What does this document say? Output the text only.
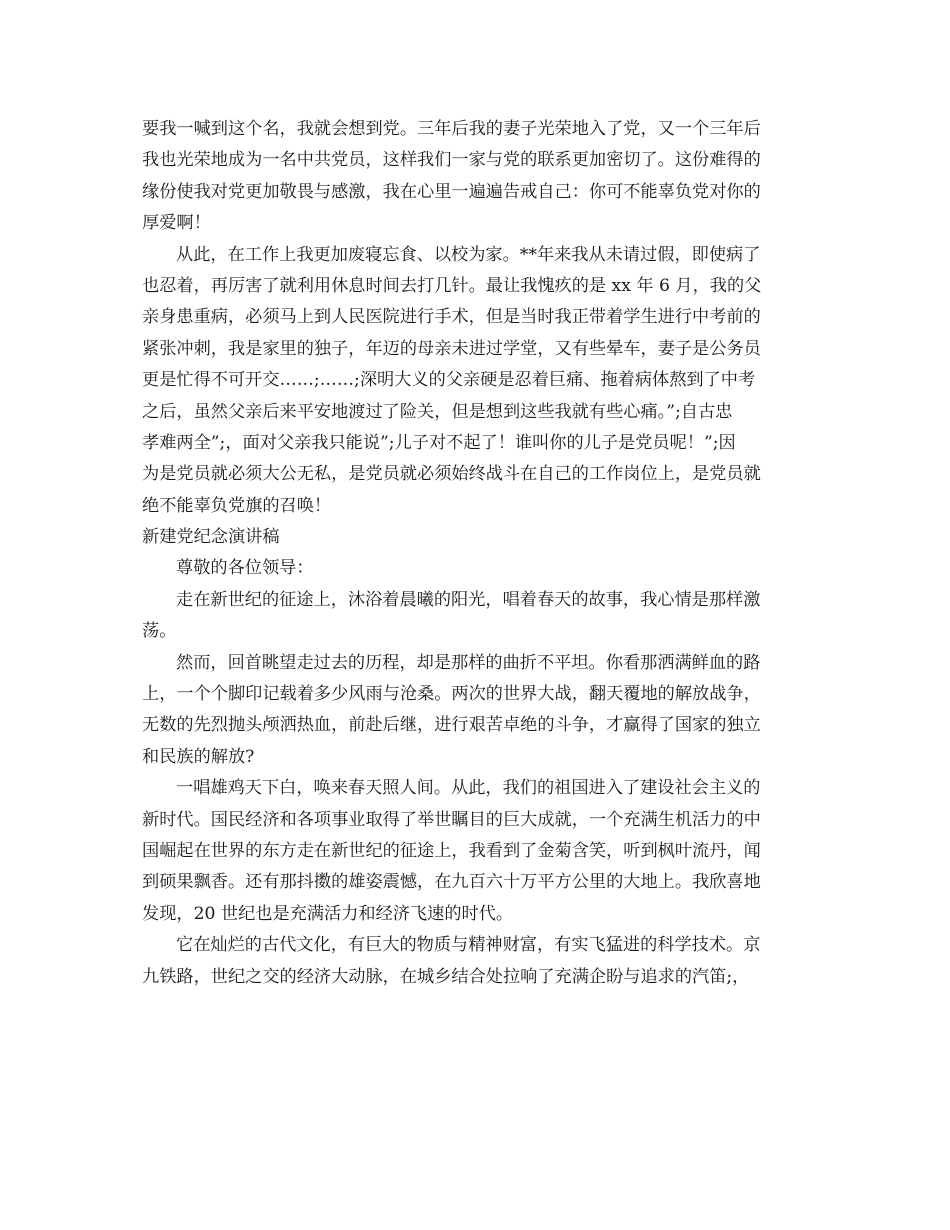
要我一喊到这个名，我就会想到党。三年后我的妻子光荣地入了党，又一个三年后
我也光荣地成为一名中共党员，这样我们一家与党的联系更加密切了。这份难得的
缘份使我对党更加敬畏与感激，我在心里一遍遍告戒自己：你可不能辜负党对你的
厚爱啊！
从此，在工作上我更加废寝忘食、以校为家。**年来我从未请过假，即使病了
也忍着，再厉害了就利用休息时间去打几针。最让我愧疚的是 xx 年 6 月，我的父
亲身患重病，必须马上到人民医院进行手术，但是当时我正带着学生进行中考前的
紧张冲刺，我是家里的独子，年迈的母亲未进过学堂，又有些晕车，妻子是公务员
更是忙得不可开交……;……;深明大义的父亲硬是忍着巨痛、拖着病体熬到了中考
之后，虽然父亲后来平安地渡过了险关，但是想到这些我就有些心痛。”;自古忠
孝难两全”;，面对父亲我只能说”;儿子对不起了！谁叫你的儿子是党员呢！”;因
为是党员就必须大公无私，是党员就必须始终战斗在自己的工作岗位上，是党员就
绝不能辜负党旗的召唤！
新建党纪念演讲稿
尊敬的各位领导：
走在新世纪的征途上，沐浴着晨曦的阳光，唱着春天的故事，我心情是那样激
荡。
然而，回首眺望走过去的历程，却是那样的曲折不平坦。你看那洒满鲜血的路
上，一个个脚印记载着多少风雨与沧桑。两次的世界大战，翻天覆地的解放战争，
无数的先烈抛头颅洒热血，前赴后继，进行艰苦卓绝的斗争，才赢得了国家的独立
和民族的解放?
一唱雄鸡天下白，唤来春天照人间。从此，我们的祖国进入了建设社会主义的
新时代。国民经济和各项事业取得了举世瞩目的巨大成就，一个充满生机活力的中
国崛起在世界的东方走在新世纪的征途上，我看到了金菊含笑，听到枫叶流丹，闻
到硕果飘香。还有那抖擞的雄姿震憾，在九百六十万平方公里的大地上。我欣喜地
发现，20 世纪也是充满活力和经济飞速的时代。
它在灿烂的古代文化，有巨大的物质与精神财富，有实飞猛进的科学技术。京
九铁路，世纪之交的经济大动脉，在城乡结合处拉响了充满企盼与追求的汽笛;，
